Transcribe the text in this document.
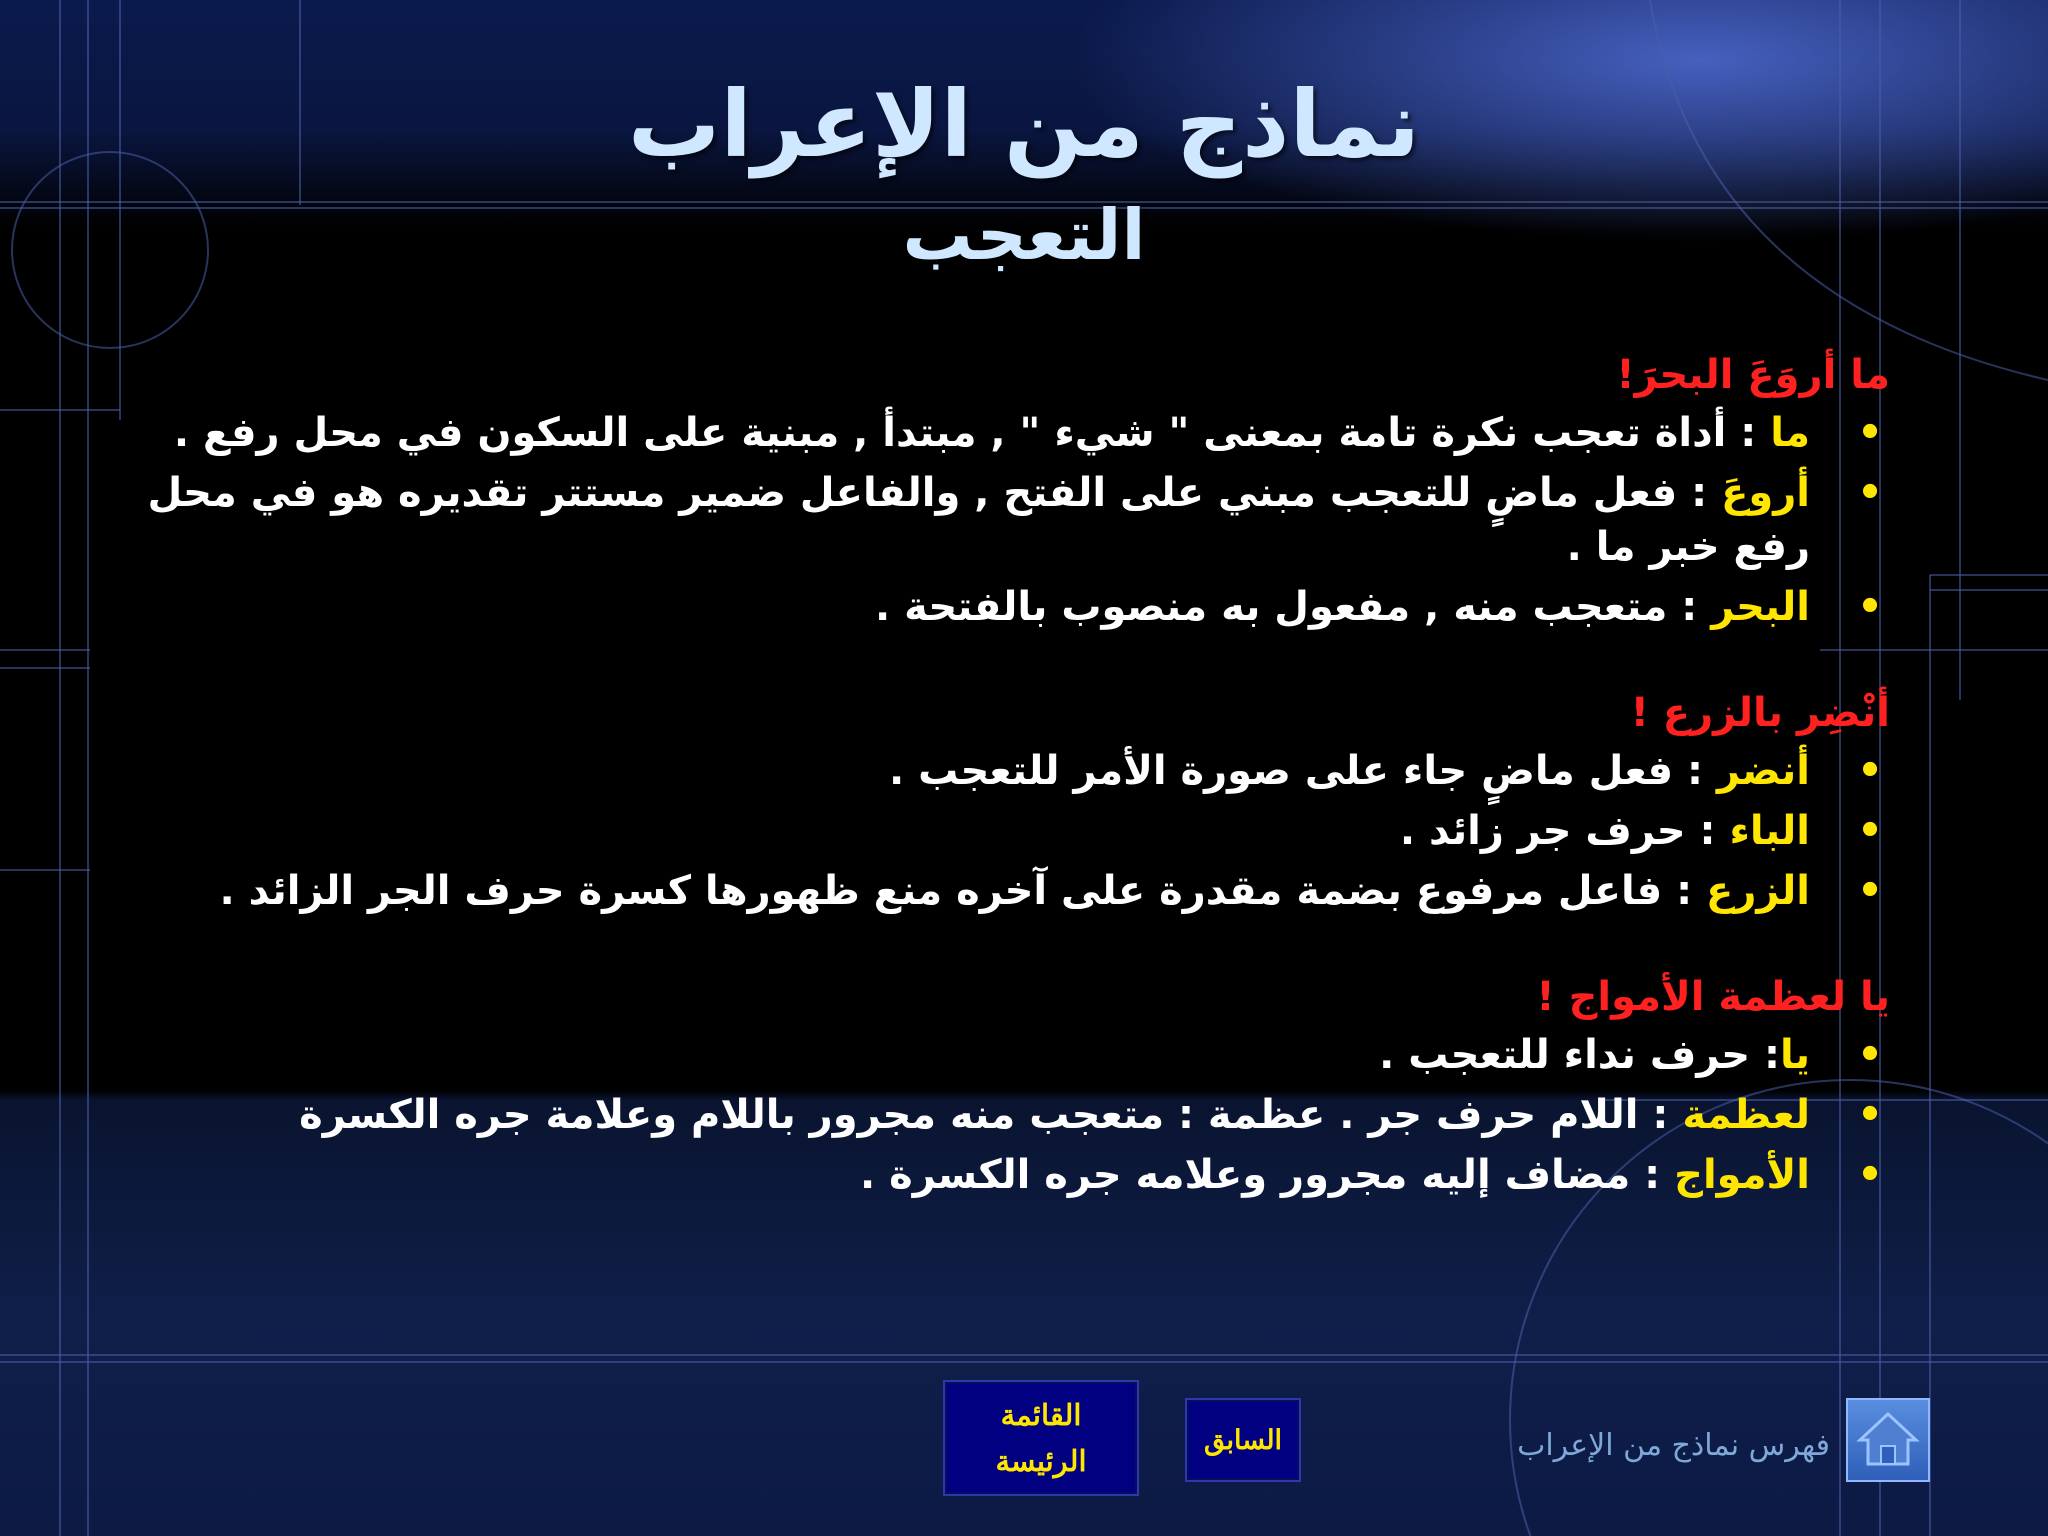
نماذج من الإعراب
التعجب
ما أروَعَ البحرَ!
•
ما : أداة تعجب نكرة تامة بمعنى " شيء " , مبتدأ , مبنية على السكون في محل رفع .
•
أروعَ : فعل ماضٍ للتعجب مبني على الفتح , والفاعل ضمير مستتر تقديره هو في محل رفع خبر ما .
•
البحر : متعجب منه , مفعول به منصوب بالفتحة .
أنْضِر بالزرع !
•
أنضر : فعل ماضٍ جاء على صورة الأمر للتعجب .
•
الباء : حرف جر زائد .
•
الزرع : فاعل مرفوع بضمة مقدرة على آخره منع ظهورها كسرة حرف الجر الزائد .
يا لعظمة الأمواج !
•
يا: حرف نداء للتعجب .
•
لعظمة : اللام حرف جر . عظمة : متعجب منه مجرور باللام وعلامة جره الكسرة
•
الأمواج : مضاف إليه مجرور وعلامه جره الكسرة .
القائمة
الرئيسة
السابق	فهرس نماذج من الإعراب
